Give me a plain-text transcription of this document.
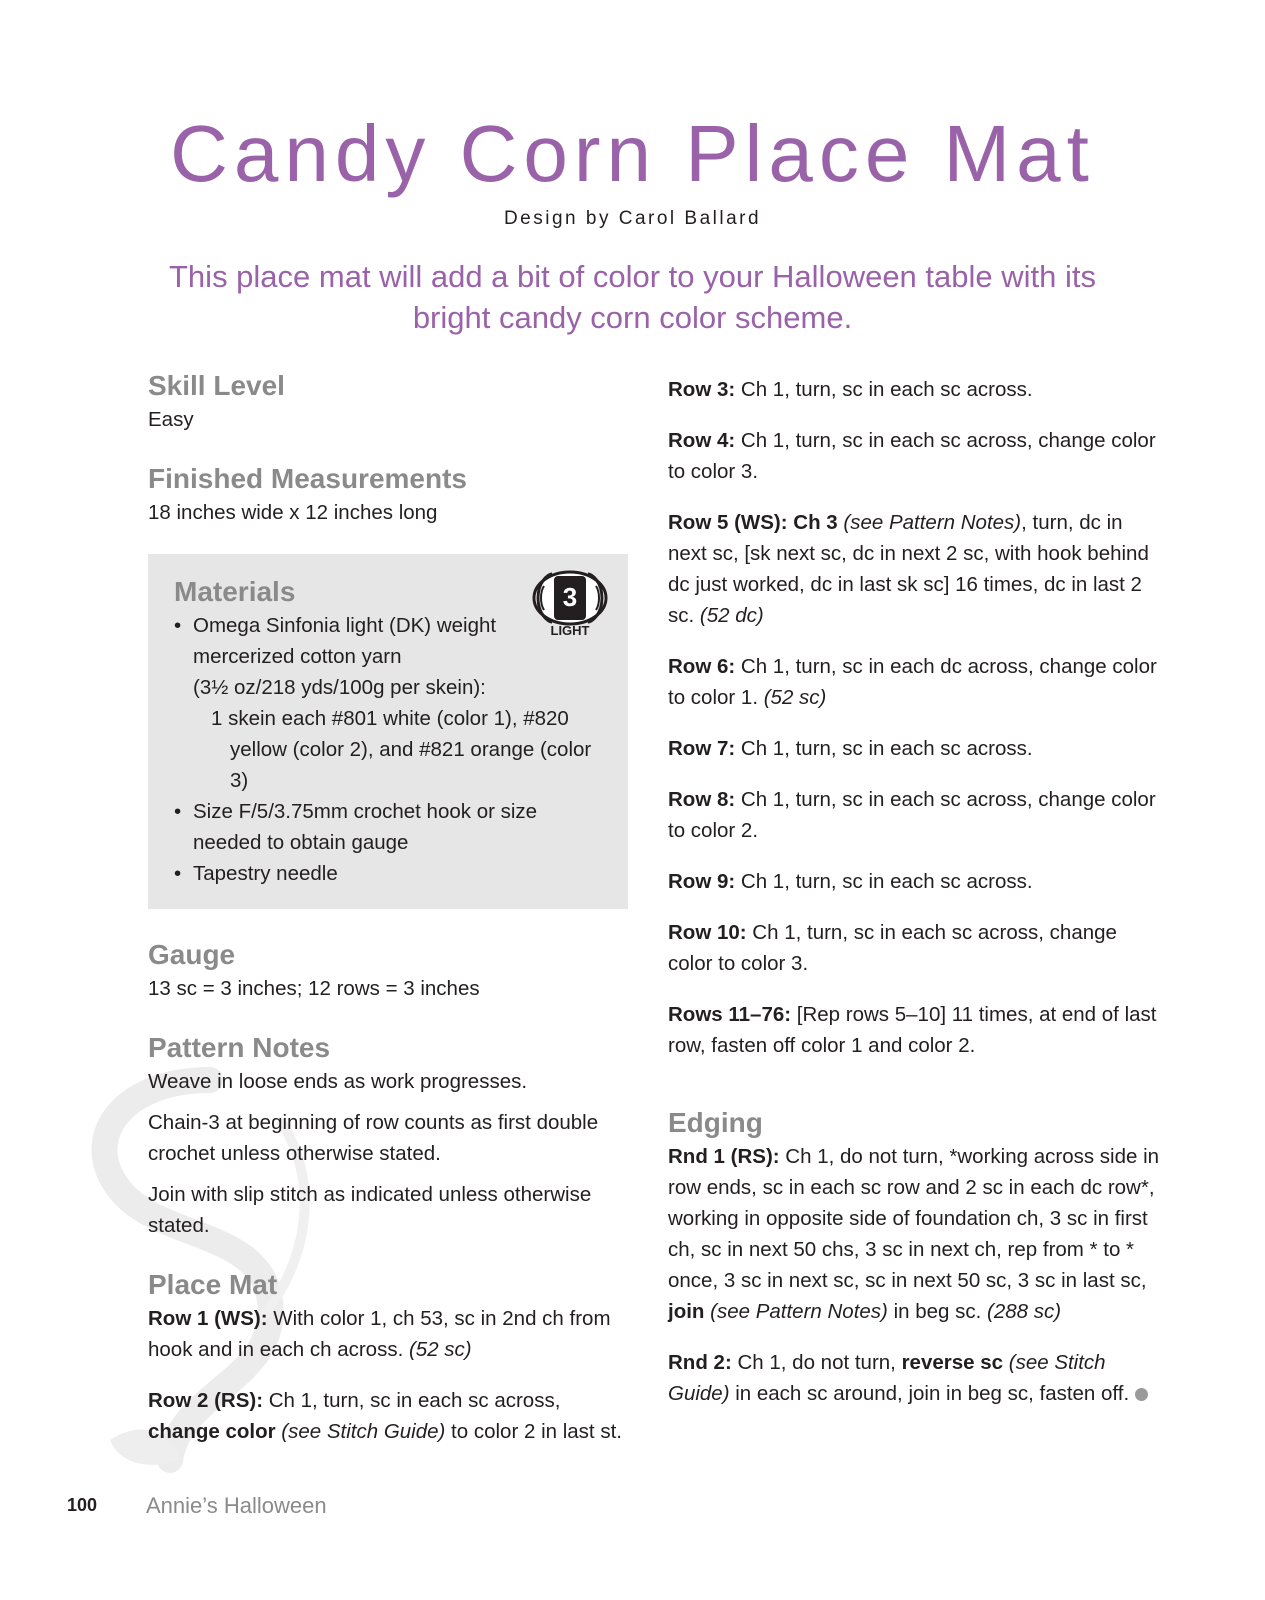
Candy Corn Place Mat
Design by Carol Ballard
This place mat will add a bit of color to your Halloween table with its bright candy corn color scheme.
Skill Level

Easy

Finished Measurements

18 inches wide x 12 inches long

3
LIGHT
Materials
• Omega Sinfonia light (DK) weight
mercerized cotton yarn
(3½ oz/218 yds/100g per skein):
1 skein each #801 white (color 1), #820
yellow (color 2), and #821 orange (color 3)
• Size F/5/3.75mm crochet hook or size needed to obtain gauge
• Tapestry needle
Gauge

13 sc = 3 inches; 12 rows = 3 inches

Pattern Notes

Weave in loose ends as work progresses.

Chain-3 at beginning of row counts as first double crochet unless otherwise stated.

Join with slip stitch as indicated unless otherwise stated.

Place Mat

Row 1 (WS): With color 1, ch 53, sc in 2nd ch from hook and in each ch across. (52 sc)

Row 2 (RS): Ch 1, turn, sc in each sc across, change color (see Stitch Guide) to color 2 in last st.

Row 3: Ch 1, turn, sc in each sc across.

Row 4: Ch 1, turn, sc in each sc across, change color to color 3.

Row 5 (WS): Ch 3 (see Pattern Notes), turn, dc in next sc, [sk next sc, dc in next 2 sc, with hook behind dc just worked, dc in last sk sc] 16 times, dc in last 2 sc. (52 dc)

Row 6: Ch 1, turn, sc in each dc across, change color to color 1. (52 sc)

Row 7: Ch 1, turn, sc in each sc across.

Row 8: Ch 1, turn, sc in each sc across, change color to color 2.

Row 9: Ch 1, turn, sc in each sc across.

Row 10: Ch 1, turn, sc in each sc across, change color to color 3.

Rows 11–76: [Rep rows 5–10] 11 times, at end of last row, fasten off color 1 and color 2.

Edging

Rnd 1 (RS): Ch 1, do not turn, *working across side in row ends, sc in each sc row and 2 sc in each dc row*, working in opposite side of foundation ch, 3 sc in first ch, sc in next 50 chs, 3 sc in next ch, rep from * to * once, 3 sc in next sc, sc in next 50 sc, 3 sc in last sc, join (see Pattern Notes) in beg sc. (288 sc)

Rnd 2: Ch 1, do not turn, reverse sc (see Stitch Guide) in each sc around, join in beg sc, fasten off.

100 Annie’s Halloween
